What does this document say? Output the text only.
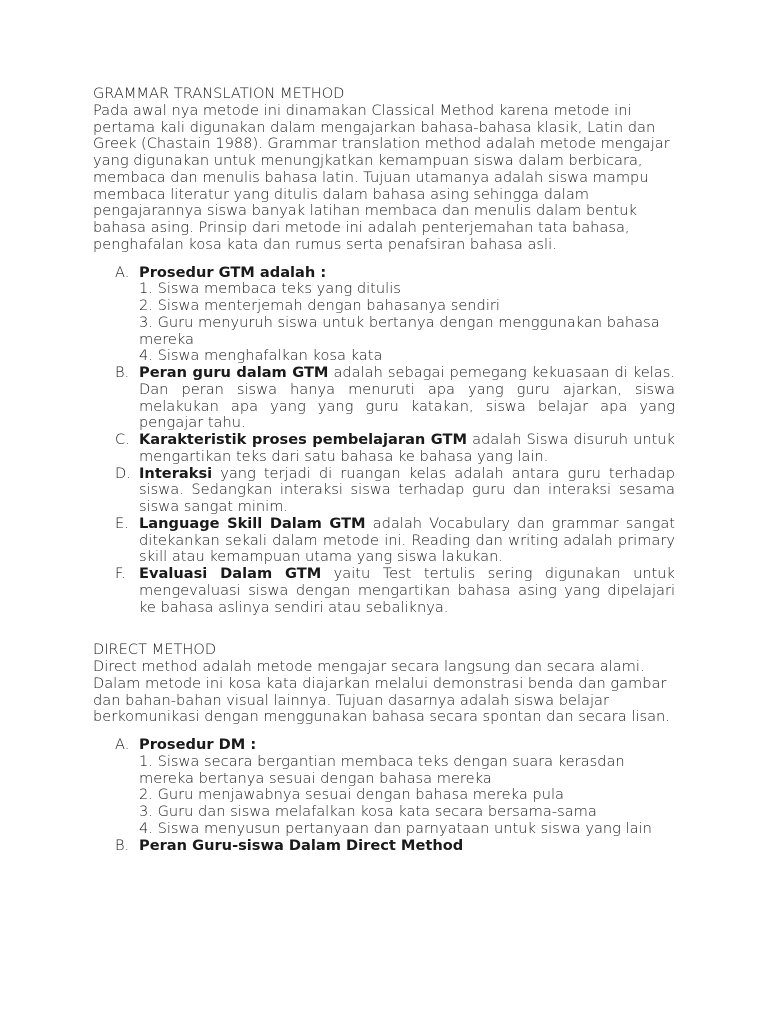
GRAMMAR TRANSLATION METHOD

Pada awal nya metode ini dinamakan Classical Method karena metode ini pertama kali digunakan dalam mengajarkan bahasa-bahasa klasik, Latin dan Greek (Chastain 1988). Grammar translation method adalah metode mengajar yang digunakan untuk menungjkatkan kemampuan siswa dalam berbicara, membaca dan menulis bahasa latin. Tujuan utamanya adalah siswa mampu membaca literatur yang ditulis dalam bahasa asing sehingga dalam pengajarannya siswa banyak latihan membaca dan menulis dalam bentuk bahasa asing. Prinsip dari metode ini adalah penterjemahan tata bahasa, penghafalan kosa kata dan rumus serta penafsiran bahasa asli.

A. Prosedur GTM adalah :
1. Siswa membaca teks yang ditulis
2. Siswa menterjemah dengan bahasanya sendiri
3. Guru menyuruh siswa untuk bertanya dengan menggunakan bahasa mereka
4. Siswa menghafalkan kosa kata
B. Peran guru dalam GTM adalah sebagai pemegang kekuasaan di kelas. Dan peran siswa hanya menuruti apa yang guru ajarkan, siswa melakukan apa yang yang guru katakan, siswa belajar apa yang pengajar tahu.
C. Karakteristik proses pembelajaran GTM adalah Siswa disuruh untuk mengartikan teks dari satu bahasa ke bahasa yang lain.
D. Interaksi yang terjadi di ruangan kelas adalah antara guru terhadap siswa. Sedangkan interaksi siswa terhadap guru dan interaksi sesama siswa sangat minim.
E. Language Skill Dalam GTM adalah Vocabulary dan grammar sangat ditekankan sekali dalam metode ini. Reading dan writing adalah primary skill atau kemampuan utama yang siswa lakukan.
F. Evaluasi Dalam GTM yaitu Test tertulis sering digunakan untuk mengevaluasi siswa dengan mengartikan bahasa asing yang dipelajari ke bahasa aslinya sendiri atau sebaliknya.
DIRECT METHOD

Direct method adalah metode mengajar secara langsung dan secara alami. Dalam metode ini kosa kata diajarkan melalui demonstrasi benda dan gambar dan bahan-bahan visual lainnya. Tujuan dasarnya adalah siswa belajar berkomunikasi dengan menggunakan bahasa secara spontan dan secara lisan.

A. Prosedur DM :
1. Siswa secara bergantian membaca teks dengan suara kerasdan mereka bertanya sesuai dengan bahasa mereka
2. Guru menjawabnya sesuai dengan bahasa mereka pula
3. Guru dan siswa melafalkan kosa kata secara bersama-sama
4. Siswa menyusun pertanyaan dan parnyataan untuk siswa yang lain
B. Peran Guru-siswa Dalam Direct Method
